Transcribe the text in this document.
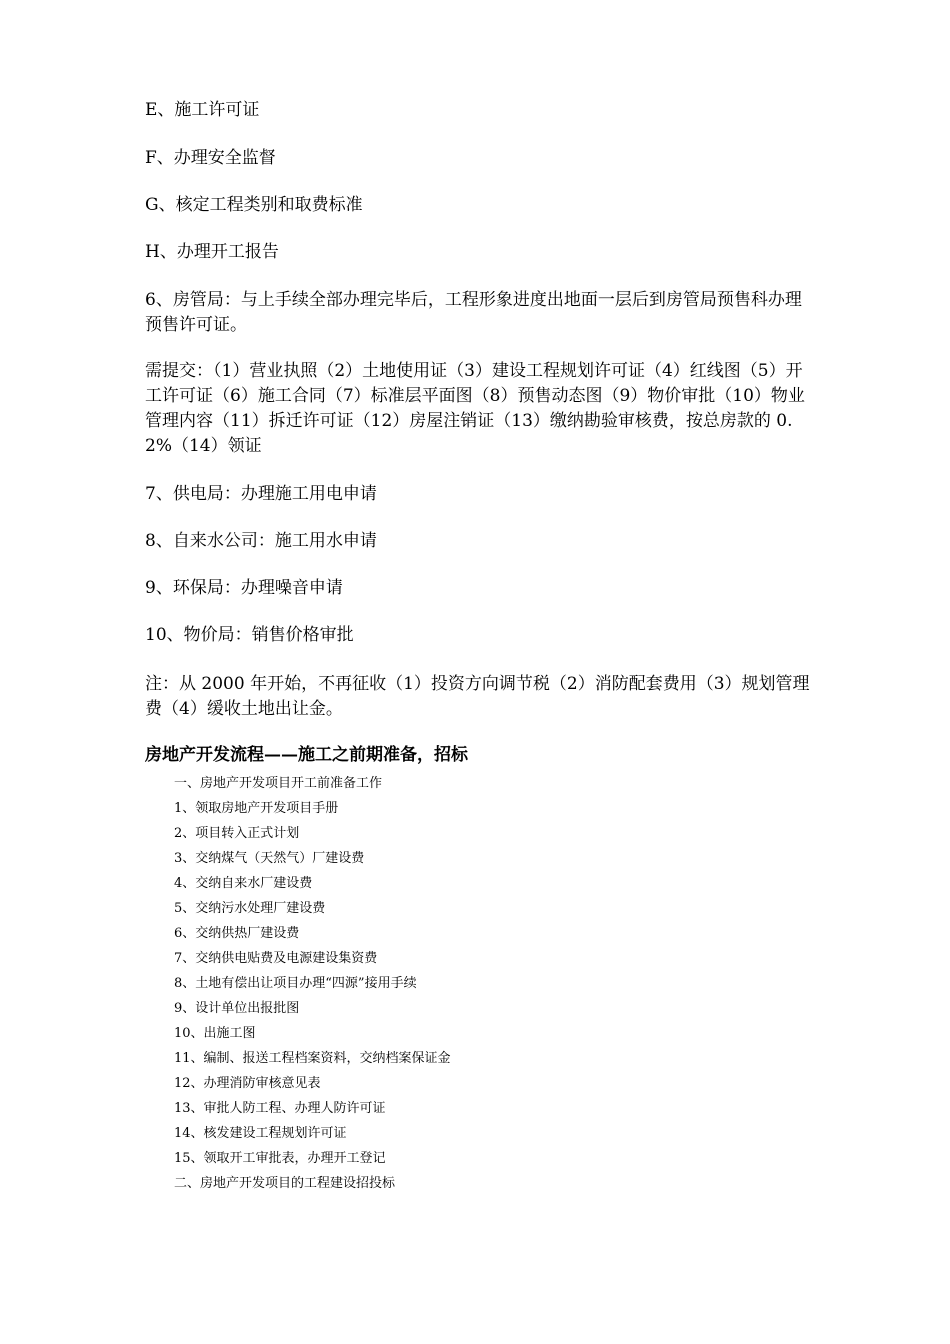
E、施工许可证

F、办理安全监督

G、核定工程类别和取费标准

H、办理开工报告

6、房管局：与上手续全部办理完毕后，工程形象进度出地面一层后到房管局预售科办理预售许可证。

需提交：（1）营业执照（2）土地使用证（3）建设工程规划许可证（4）红线图（5）开工许可证（6）施工合同（7）标准层平面图（8）预售动态图（9）物价审批（10）物业管理内容（11）拆迁许可证（12）房屋注销证（13）缴纳勘验审核费，按总房款的 0.2%（14）领证

7、供电局：办理施工用电申请

8、自来水公司：施工用水申请

9、环保局：办理噪音申请

10、物价局：销售价格审批

注：从 2000 年开始，不再征收（1）投资方向调节税（2）消防配套费用（3）规划管理费（4）缓收土地出让金。

房地产开发流程——施工之前期准备，招标
一、房地产开发项目开工前准备工作
1、领取房地产开发项目手册
2、项目转入正式计划
3、交纳煤气（天然气）厂建设费
4、交纳自来水厂建设费
5、交纳污水处理厂建设费
6、交纳供热厂建设费
7、交纳供电贴费及电源建设集资费
8、土地有偿出让项目办理“四源”接用手续
9、设计单位出报批图
10、出施工图
11、编制、报送工程档案资料，交纳档案保证金
12、办理消防审核意见表
13、审批人防工程、办理人防许可证
14、核发建设工程规划许可证
15、领取开工审批表，办理开工登记
二、房地产开发项目的工程建设招投标
